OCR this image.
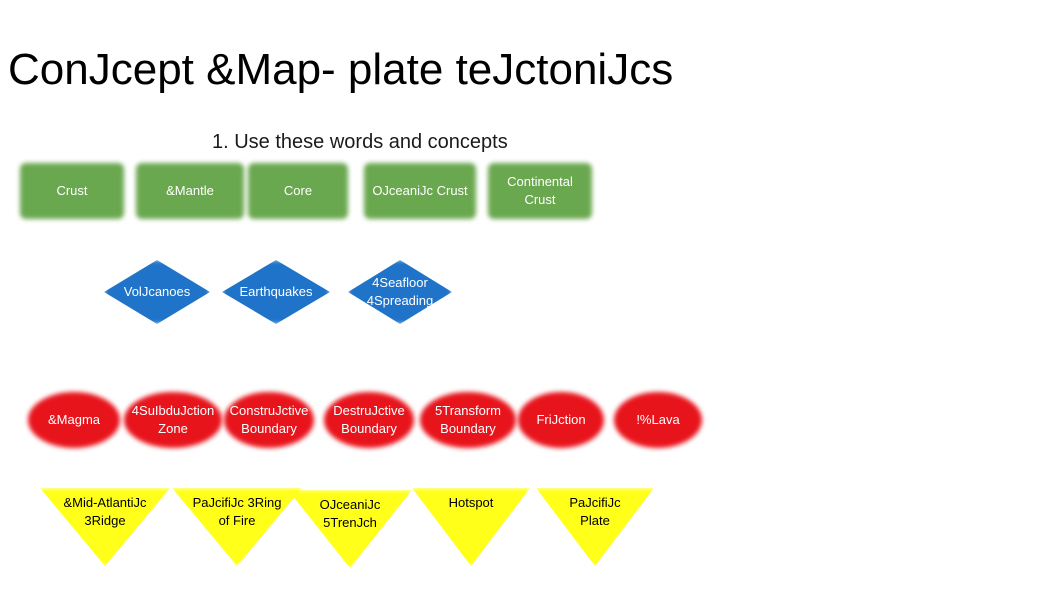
ConJcept &Map- plate teJctoniJcs
1. Use these words and concepts
Crust	&Mantle	Core	OJceaniJc Crust
Continental
Crust
VolJcanoes	Earthquakes
4Seafloor
4Spreading
&Magma
4SuIbduJction
Zone
ConstruJctive
Boundary
DestruJctive
Boundary
5Transform
Boundary
FriJction	!%Lava
&Mid-AtlantiJc
3Ridge
PaJcifiJc 3Ring
of Fire
OJceaniJc
5TrenJch
Hotspot	PaJcifiJc
Plate
